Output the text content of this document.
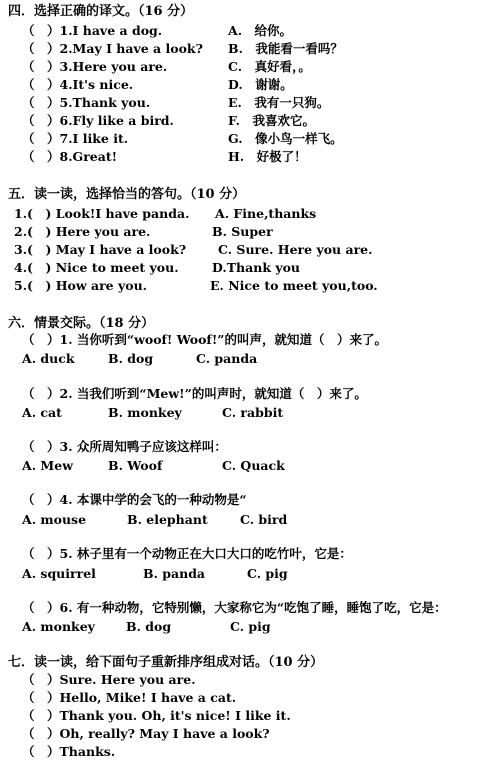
四．选择正确的译文。（16 分）
（　）1.I have a dog.	A.　给你。
（　）2.May I have a look? B.　我能看一看吗？
（　）3.Here you are.	C.　真好看，。
（　）4.It's nice.	D.　谢谢。
（　）5.Thank you.	E.　我有一只狗。
（　）6.Fly like a bird.	F.　我喜欢它。
（　）7.I like it.	G.　像小鸟一样飞。
（　）8.Great!	H.　好极了！
五．读一读，选择恰当的答句。（10 分）
1.(　) Look!I have panda. A. Fine,thanks
2.(　) Here you are.	B. Super
3.(　) May I have a look?	C. Sure. Here you are.
4.(　) Nice to meet you.	D.Thank you
5.(　) How are you.	E. Nice to meet you,too.
六．情景交际。（18 分）
（　）1. 当你听到“woof! Woof!”的叫声，就知道（　）来了。
A. duck	B. dog	C. panda
（　）2. 当我们听到“Mew!”的叫声时，就知道（　）来了。
A. cat	B. monkey	C. rabbit
（　）3. 众所周知鸭子应该这样叫：
A. Mew	B. Woof	C. Quack
（　）4. 本课中学的会飞的一种动物是“
A. mouse	B. elephant	C. bird
（　）5. 林子里有一个动物正在大口大口的吃竹叶，它是：
A. squirrel	B. panda	C. pig
（　）6. 有一种动物，它特别懒，大家称它为“吃饱了睡，睡饱了吃，它是：
A. monkey B. dog	C. pig
七．读一读，给下面句子重新排序组成对话。（10 分）
（　）Sure. Here you are.
（　）Hello, Mike! I have a cat.
（　）Thank you. Oh, it's nice! I like it.
（　）Oh, really? May I have a look?
（　）Thanks.
